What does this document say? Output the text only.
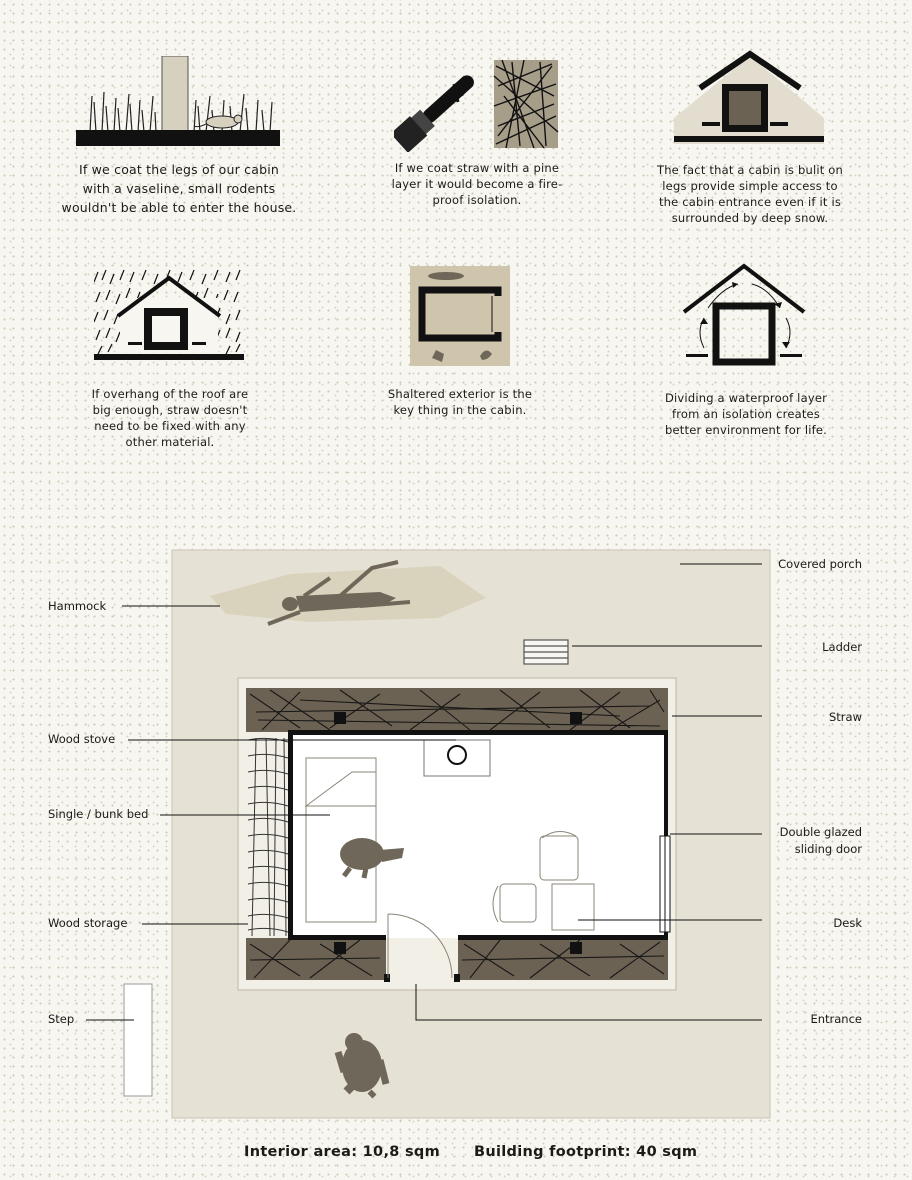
If we coat the legs of our cabin
with a vaseline, small rodents
wouldn't be able to enter the house.
If we coat straw with a pine
layer it would become a fire-
proof isolation.
The fact that a cabin is bulit on
legs provide simple access to
the cabin entrance even if it is
surrounded by deep snow.
If overhang of the roof are
big enough, straw doesn't
need to be fixed with any
other material.
Shaltered exterior is the
key thing in the cabin.
Dividing a waterproof layer
from an isolation creates
better environment for life.
Hammock
Wood stove
Single / bunk bed
Wood storage
Step
Covered porch
Ladder
Straw
Double glazed
sliding door
Desk
Entrance
Interior area: 10,8 sqm Building footprint: 40 sqm
